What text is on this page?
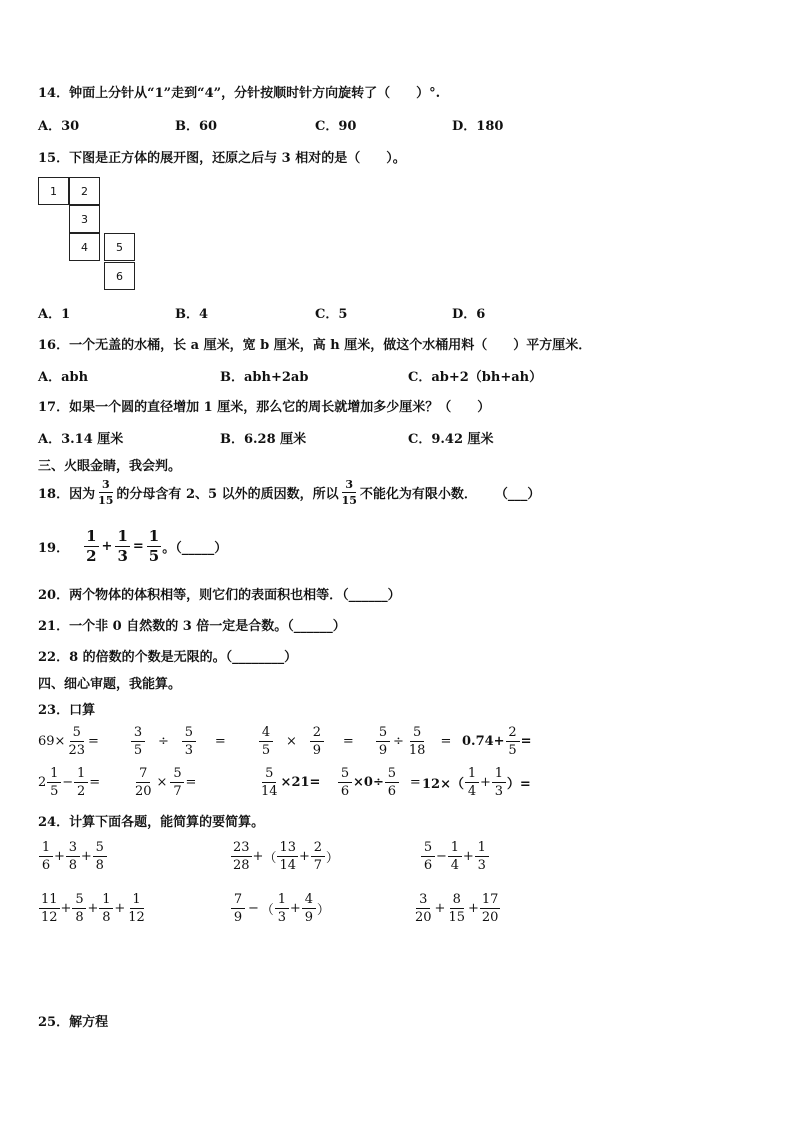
14．钟面上分针从“1”走到“4”，分针按顺时针方向旋转了（　　）°.
A．30	B．60	C．90	D．180
15．下图是正方体的展开图，还原之后与 3 相对的是（　　）。
1	2
3
4	5
6
A．1	B．4	C．5	D．6
16．一个无盖的水桶，长 a 厘米，宽 b 厘米，高 h 厘米，做这个水桶用料（　　）平方厘米．
A．abh	B．abh+2ab	C．ab+2（bh+ah）
17．如果一个圆的直径增加 1 厘米，那么它的周长就增加多少厘米？（　　）
A．3.14 厘米	B．6.28 厘米	C．9.42 厘米
三、火眼金睛，我会判。
18． 因为 $\frac{3}{15}$ 的分母含有 2、5 以外的质因数，所以 $\frac{3}{15}$ 不能化为有限小数． （___）
19． $\frac{1}{2} + \frac{1}{3} = \frac{1}{5}$ 。（_____）
20．两个物体的体积相等，则它们的表面积也相等．（______）
21．一个非 0 自然数的 3 倍一定是合数。（______）
22．8 的倍数的个数是无限的。（________）
四、细心审题，我能算。
23．口算
$69\times \frac{5}{23} = \frac{3}{5} \div \frac{5}{3}$ =	$\frac{4}{5} \times \frac{2}{9} = \frac{5}{9} \div \frac{5}{18} = 0.74+ \frac{2}{5}$ =
$2 \frac{1}{5} - \frac{1}{2}$ =	$\frac{7}{20} \times \frac{5}{7}$ =	$\frac{5}{14} \times 21= \frac{5}{6} \times 0\div \frac{5}{6} = 12\times( \frac{1}{4} + \frac{1}{3}$ ）=
24．计算下面各题，能简算的要简算。
$\frac{1}{6} + \frac{3}{8} + \frac{5}{8}$	$\frac{23}{28}$ + （ $\frac{13}{14} + \frac{2}{7}$ ）	$\frac{5}{6} - \frac{1}{4} + \frac{1}{3}$
$\frac{11}{12} + \frac{5}{8} + \frac{1}{8} + \frac{1}{12}$	$\frac{7}{9}$ − （ $\frac{1}{3} + \frac{4}{9}$ ）	$\frac{3}{20} + \frac{8}{15} + \frac{17}{20}$
25．解方程
